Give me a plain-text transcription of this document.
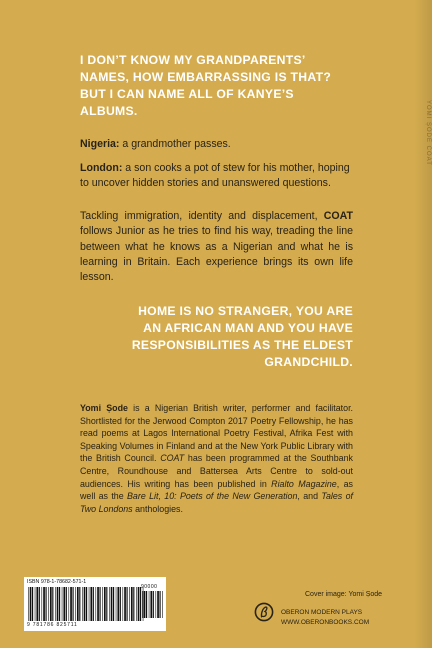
YOMI ȘODE COAT
I DON’T KNOW MY GRANDPARENTS’
NAMES, HOW EMBARRASSING IS THAT?
BUT I CAN NAME ALL OF KANYE’S
ALBUMS.

Nigeria: a grandmother passes.

London: a son cooks a pot of stew for his mother, hoping to uncover hidden stories and unanswered questions.

Tackling immigration, identity and displacement, COAT follows Junior as he tries to find his way, treading the line between what he knows as a Nigerian and what he is learning in Britain. Each experience brings its own life lesson.

HOME IS NO STRANGER, YOU ARE
AN AFRICAN MAN AND YOU HAVE
RESPONSIBILITIES AS THE ELDEST
GRANDCHILD.

Yomi Ṣode is a Nigerian British writer, performer and facilitator. Shortlisted for the Jerwood Compton 2017 Poetry Fellowship, he has read poems at Lagos International Poetry Festival, Afrika Fest with Speaking Volumes in Finland and at the New York Public Library with the British Council. COAT has been programmed at the Southbank Centre, Roundhouse and Battersea Arts Centre to sold-out audiences. His writing has been published in Rialto Magazine, as well as the Bare Lit, 10: Poets of the New Generation, and Tales of Two Londons anthologies.

ISBN 978-1-78682-571-1
90000
9 781786 825711
Cover image: Yomi Ṣode
OBERON MODERN PLAYS
WWW.OBERONBOOKS.COM
